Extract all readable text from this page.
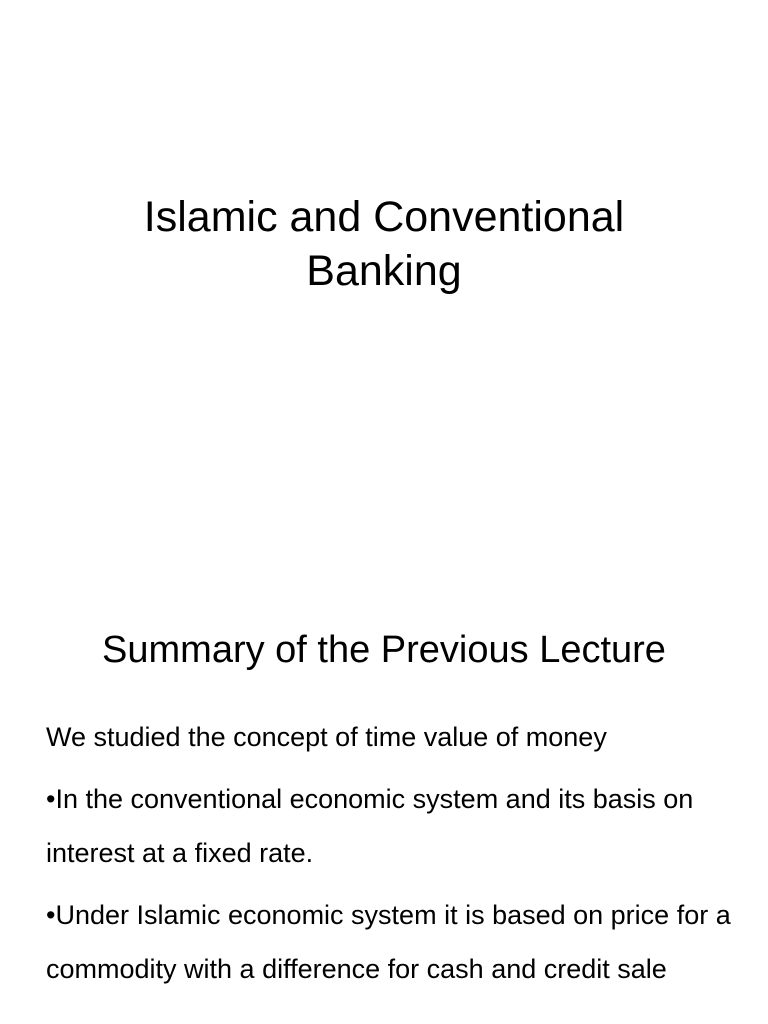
Islamic and Conventional
Banking
Summary of the Previous Lecture
We studied the concept of time value of money
•In the conventional economic system and its basis on interest at a fixed rate.
•Under Islamic economic system it is based on price for a commodity with a difference for cash and credit sale
